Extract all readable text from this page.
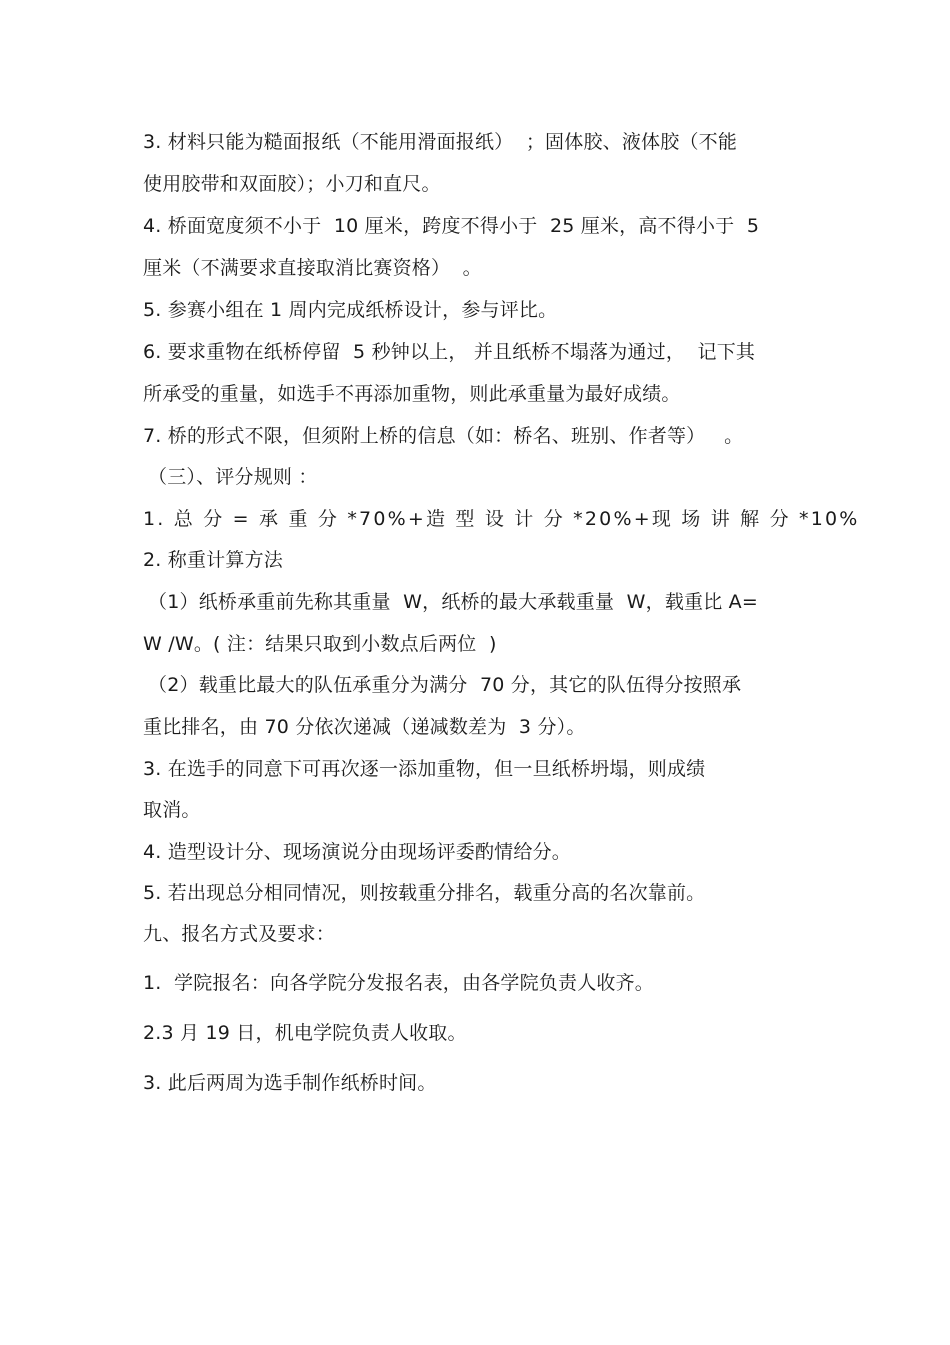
3. 材料只能为糙面报纸（不能用滑面报纸）  ；固体胶、液体胶（不能
使用胶带和双面胶）；小刀和直尺。
4. 桥面宽度须不小于  10 厘米，跨度不得小于  25 厘米，高不得小于  5
厘米（不满要求直接取消比赛资格）  。
5. 参赛小组在 1 周内完成纸桥设计，参与评比。
6. 要求重物在纸桥停留  5 秒钟以上， 并且纸桥不塌落为通过，  记下其
所承受的重量，如选手不再添加重物，则此承重量为最好成绩。
7. 桥的形式不限，但须附上桥的信息（如：桥名、班别、作者等）   。
（三）、评分规则 ：
1. 总 分 = 承 重 分 *70%+造 型 设 计 分 *20%+现 场 讲 解 分 *10%
2. 称重计算方法
（1）纸桥承重前先称其重量  W，纸桥的最大承载重量  W，载重比 A=
W /W。( 注：结果只取到小数点后两位  )
（2）载重比最大的队伍承重分为满分  70 分，其它的队伍得分按照承
重比排名，由 70 分依次递减（递减数差为  3 分）。
3. 在选手的同意下可再次逐一添加重物，但一旦纸桥坍塌，则成绩
取消。
4. 造型设计分、现场演说分由现场评委酌情给分。
5. 若出现总分相同情况，则按载重分排名，载重分高的名次靠前。
九、报名方式及要求：
1.  学院报名：向各学院分发报名表，由各学院负责人收齐。
2.3 月 19 日，机电学院负责人收取。
3. 此后两周为选手制作纸桥时间。
